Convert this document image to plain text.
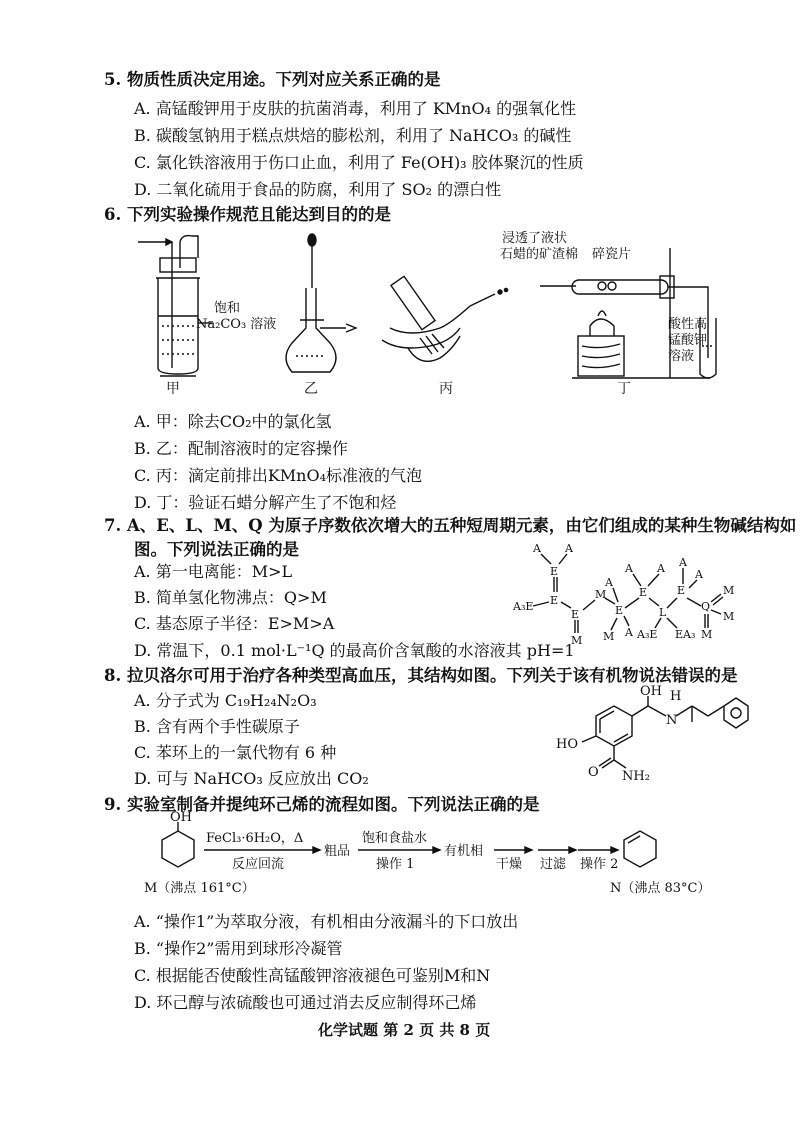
5. 物质性质决定用途。下列对应关系正确的是
A. 高锰酸钾用于皮肤的抗菌消毒，利用了 KMnO₄ 的强氧化性
B. 碳酸氢钠用于糕点烘焙的膨松剂，利用了 NaHCO₃ 的碱性
C. 氯化铁溶液用于伤口止血，利用了 Fe(OH)₃ 胶体聚沉的性质
D. 二氧化硫用于食品的防腐，利用了 SO₂ 的漂白性
6. 下列实验操作规范且能达到目的的是
饱和
Na₂CO₃ 溶液
浸透了液状
石蜡的矿渣棉 碎瓷片
酸性高
锰酸钾
溶液
甲	乙	丙	丁
A. 甲：除去CO₂中的氯化氢
B. 乙：配制溶液时的定容操作
C. 丙：滴定前排出KMnO₄标准液的气泡
D. 丁：验证石蜡分解产生了不饱和烃
7. A、E、L、M、Q 为原子序数依次增大的五种短周期元素，由它们组成的某种生物碱结构如
图。下列说法正确的是
A. 第一电离能：M>L
B. 简单氢化物沸点：Q>M
C. 基态原子半径：E>M>A
D. 常温下，0.1 mol·L⁻¹Q 的最高价含氧酸的水溶液其 pH=1
A A
E
E
A₃E
E
M
M
E
A
M A
E
A A
L
A₃E EA₃
E
A
A
Q
M
M
M
8. 拉贝洛尔可用于治疗各种类型高血压，其结构如图。下列关于该有机物说法错误的是
A. 分子式为 C₁₉H₂₄N₂O₃
B. 含有两个手性碳原子
C. 苯环上的一氯代物有 6 种
D. 可与 NaHCO₃ 反应放出 CO₂
OH
N
H
HO
O NH₂
9. 实验室制备并提纯环己烯的流程如图。下列说法正确的是
OH
FeCl₃·6H₂O，Δ
反应回流
粗品
饱和食盐水
操作 1
有机相
干燥 过滤 操作 2
M（沸点 161°C）	N（沸点 83°C）
A. “操作1”为萃取分液，有机相由分液漏斗的下口放出
B. “操作2”需用到球形冷凝管
C. 根据能否使酸性高锰酸钾溶液褪色可鉴别M和N
D. 环己醇与浓硫酸也可通过消去反应制得环己烯
化学试题 第 2 页 共 8 页
